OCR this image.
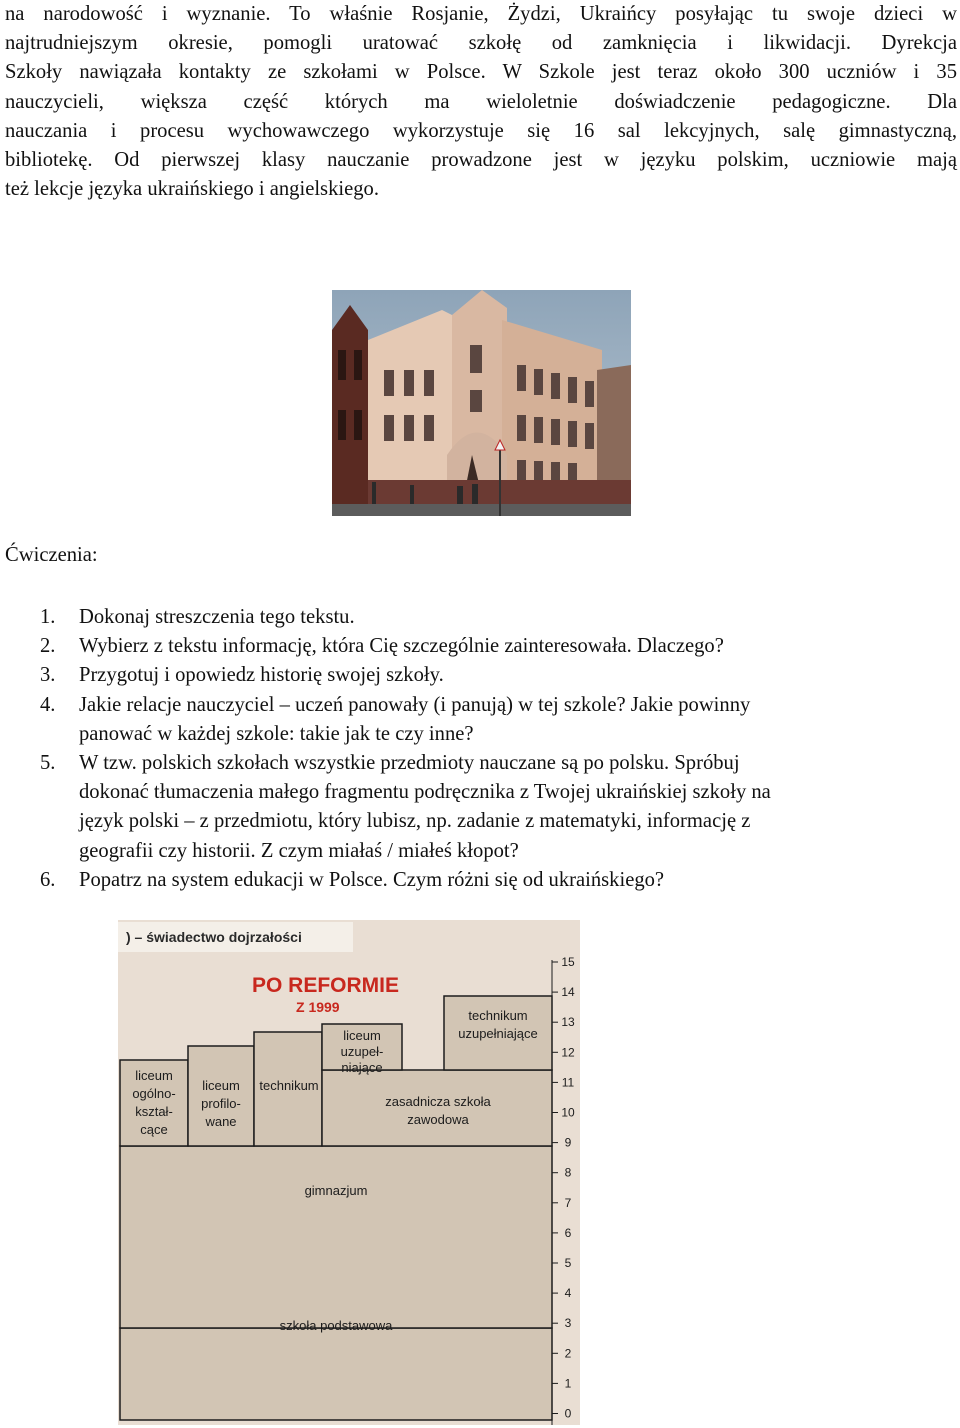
na narodowość i wyznanie. To właśnie Rosjanie, Żydzi, Ukraińcy posyłając tu swoje dzieci w
najtrudniejszym okresie, pomogli uratować szkołę od zamknięcia i likwidacji. Dyrekcja
Szkoły nawiązała kontakty ze szkołami w Polsce. W Szkole jest teraz około 300 uczniów i 35
nauczycieli, większa część których ma wieloletnie doświadczenie pedagogiczne. Dla
nauczania i procesu wychowawczego wykorzystuje się 16 sal lekcyjnych, salę gimnastyczną,
bibliotekę. Od pierwszej klasy nauczanie prowadzone jest w języku polskim, uczniowie mają
też lekcje języka ukraińskiego i angielskiego.

Ćwiczenia:

1. Dokonaj streszczenia tego tekstu.
2. Wybierz z tekstu informację, która Cię szczególnie zainteresowała. Dlaczego?
3. Przygotuj i opowiedz historię swojej szkoły.
4. Jakie relacje nauczyciel – uczeń panowały (i panują) w tej szkole? Jakie powinny
panować w każdej szkole: takie jak te czy inne?
5. W tzw. polskich szkołach wszystkie przedmioty nauczane są po polsku. Spróbuj
dokonać tłumaczenia małego fragmentu podręcznika z Twojej ukraińskiej szkoły na
język polski – z przedmiotu, który lubisz, np. zadanie z matematyki, informację z
geografii czy historii. Z czym miałaś / miałeś kłopot?
6. Popatrz na system edukacji w Polsce. Czym różni się od ukraińskiego?
) – świadectwo dojrzałości
PO REFORMIE
Z 1999
liceum
ogólno-
kształ-
cące
liceum
profilo-
wane
technikum
liceum
uzupeł-
niające
technikum
uzupełniające
zasadnicza szkoła
zawodowa
gimnazjum
szkoła podstawowa
15
14
13
12
11
10
9
8
7
6
5
4
3
2
1
0
